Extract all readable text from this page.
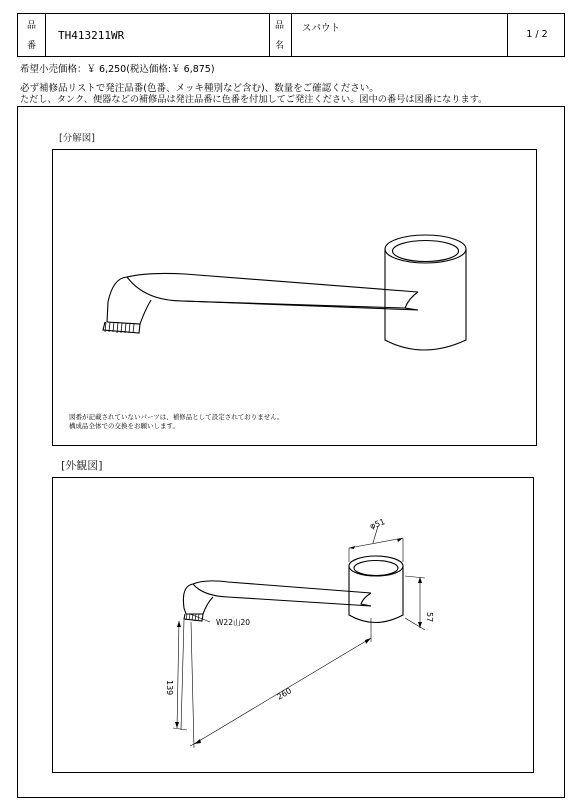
品
番
TH413211WR
品
名
スパウト
1 / 2
希望小売価格：￥ 6,250(税込価格:￥ 6,875)
必ず補修品リストで発注品番(色番、メッキ種別など含む)、数量をご確認ください。
ただし、タンク、便器などの補修品は発注品番に色番を付加してご発注ください。図中の番号は図番になります。
[分解図]
図番が記載されていないパーツは、補修品として設定されておりません。
構成品全体での交換をお願いします。
[外観図]
φ51
57
W22山20
139	260
